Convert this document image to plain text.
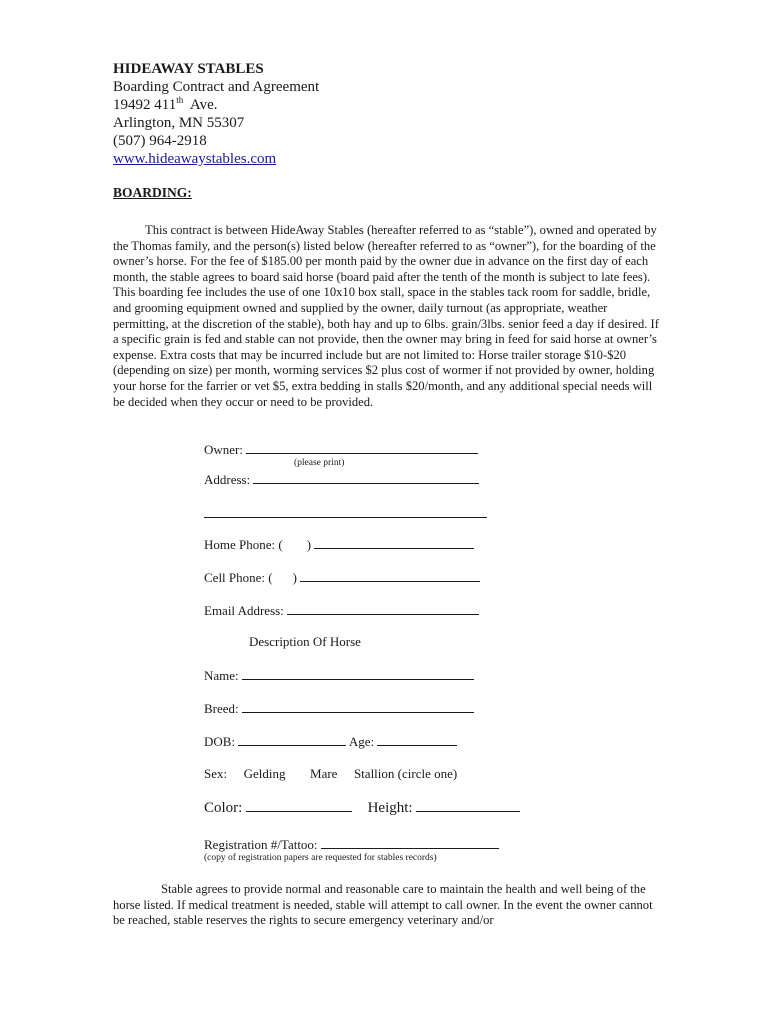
HIDEAWAY STABLES
Boarding Contract and Agreement
19492 411th  Ave.
Arlington, MN 55307
(507) 964-2918
www.hideawaystables.com
BOARDING:

This contract is between HideAway Stables (hereafter referred to as “stable”), owned and operated by the Thomas family, and the person(s) listed below (hereafter referred to as “owner”), for the boarding of the owner’s horse. For the fee of $185.00 per month paid by the owner due in advance on the first day of each month, the stable agrees to board said horse (board paid after the tenth of the month is subject to late fees). This boarding fee includes the use of one 10x10 box stall, space in the stables tack room for saddle, bridle, and grooming equipment owned and supplied by the owner, daily turnout (as appropriate, weather permitting, at the discretion of the stable), both hay and up to 6lbs. grain/3lbs. senior feed a day if desired. If a specific grain is fed and stable can not provide, then the owner may bring in feed for said horse at owner’s expense. Extra costs that may be incurred include but are not limited to: Horse trailer storage $10-$20 (depending on size) per month, worming services $2 plus cost of wormer if not provided by owner, holding your horse for the farrier or vet $5, extra bedding in stalls $20/month, and any additional special needs will be decided when they occur or need to be provided.

Owner:
(please print)
Address:
Home Phone: ( )
Cell Phone: ( )
Email Address:
Description Of Horse
Name:
Breed:
DOB:	Age:
Sex: Gelding Mare Stallion (circle one)
Color:	Height:
Registration #/Tattoo:
(copy of registration papers are requested for stables records)

Stable agrees to provide normal and reasonable care to maintain the health and well being of the horse listed. If medical treatment is needed, stable will attempt to call owner. In the event the owner cannot be reached, stable reserves the rights to secure emergency veterinary and/or
